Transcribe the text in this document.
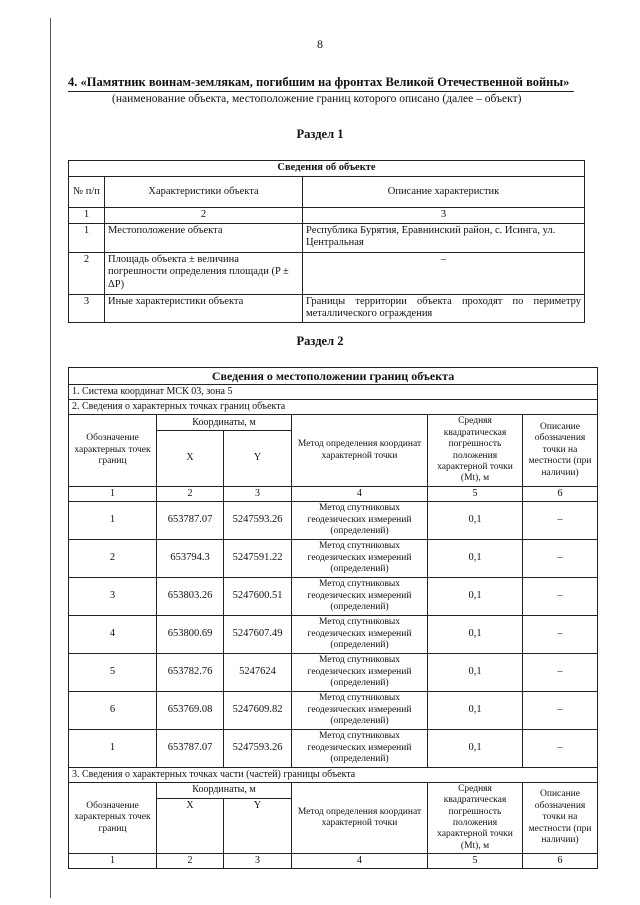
8
4. «Памятник воинам-землякам, погибшим на фронтах Великой Отечественной войны»
(наименование объекта, местоположение границ которого описано (далее – объект)
Раздел 1
Сведения об объекте		
№ п/п	Характеристики объекта	Описание характеристик
1	2	3
1	Местоположение объекта	Республика Бурятия, Еравнинский район, с. Исинга, ул. Центральная
2	Площадь объекта ± величина погрешности определения площади (P ± ΔP)	–
3	Иные характеристики объекта	Границы территории объекта проходят по периметру металлического ограждения
Раздел 2
Сведения о местоположении границ объекта					
1. Система координат МСК 03, зона 5					
2. Сведения о характерных точках границ объекта					
Обозначение характерных точек границ	Координаты, м		Метод определения координат характерной точки	Средняя квадратическая погрешность положения характерной точки (Mt), м	Описание обозначения точки на местности (при наличии)
	X	Y			
1	2	3	4	5	6
1	653787.07	5247593.26	Метод спутниковых геодезических измерений (определений)	0,1	–
2	653794.3	5247591.22	Метод спутниковых геодезических измерений (определений)	0,1	–
3	653803.26	5247600.51	Метод спутниковых геодезических измерений (определений)	0,1	–
4	653800.69	5247607.49	Метод спутниковых геодезических измерений (определений)	0,1	–
5	653782.76	5247624	Метод спутниковых геодезических измерений (определений)	0,1	–
6	653769.08	5247609.82	Метод спутниковых геодезических измерений (определений)	0,1	–
1	653787.07	5247593.26	Метод спутниковых геодезических измерений (определений)	0,1	–
3. Сведения о характерных точках части (частей) границы объекта					
Обозначение характерных точек границ	Координаты, м		Метод определения координат характерной точки	Средняя квадратическая погрешность положения характерной точки (Mt), м	Описание обозначения точки на местности (при наличии)
	X	Y			
1	2	3	4	5	6
